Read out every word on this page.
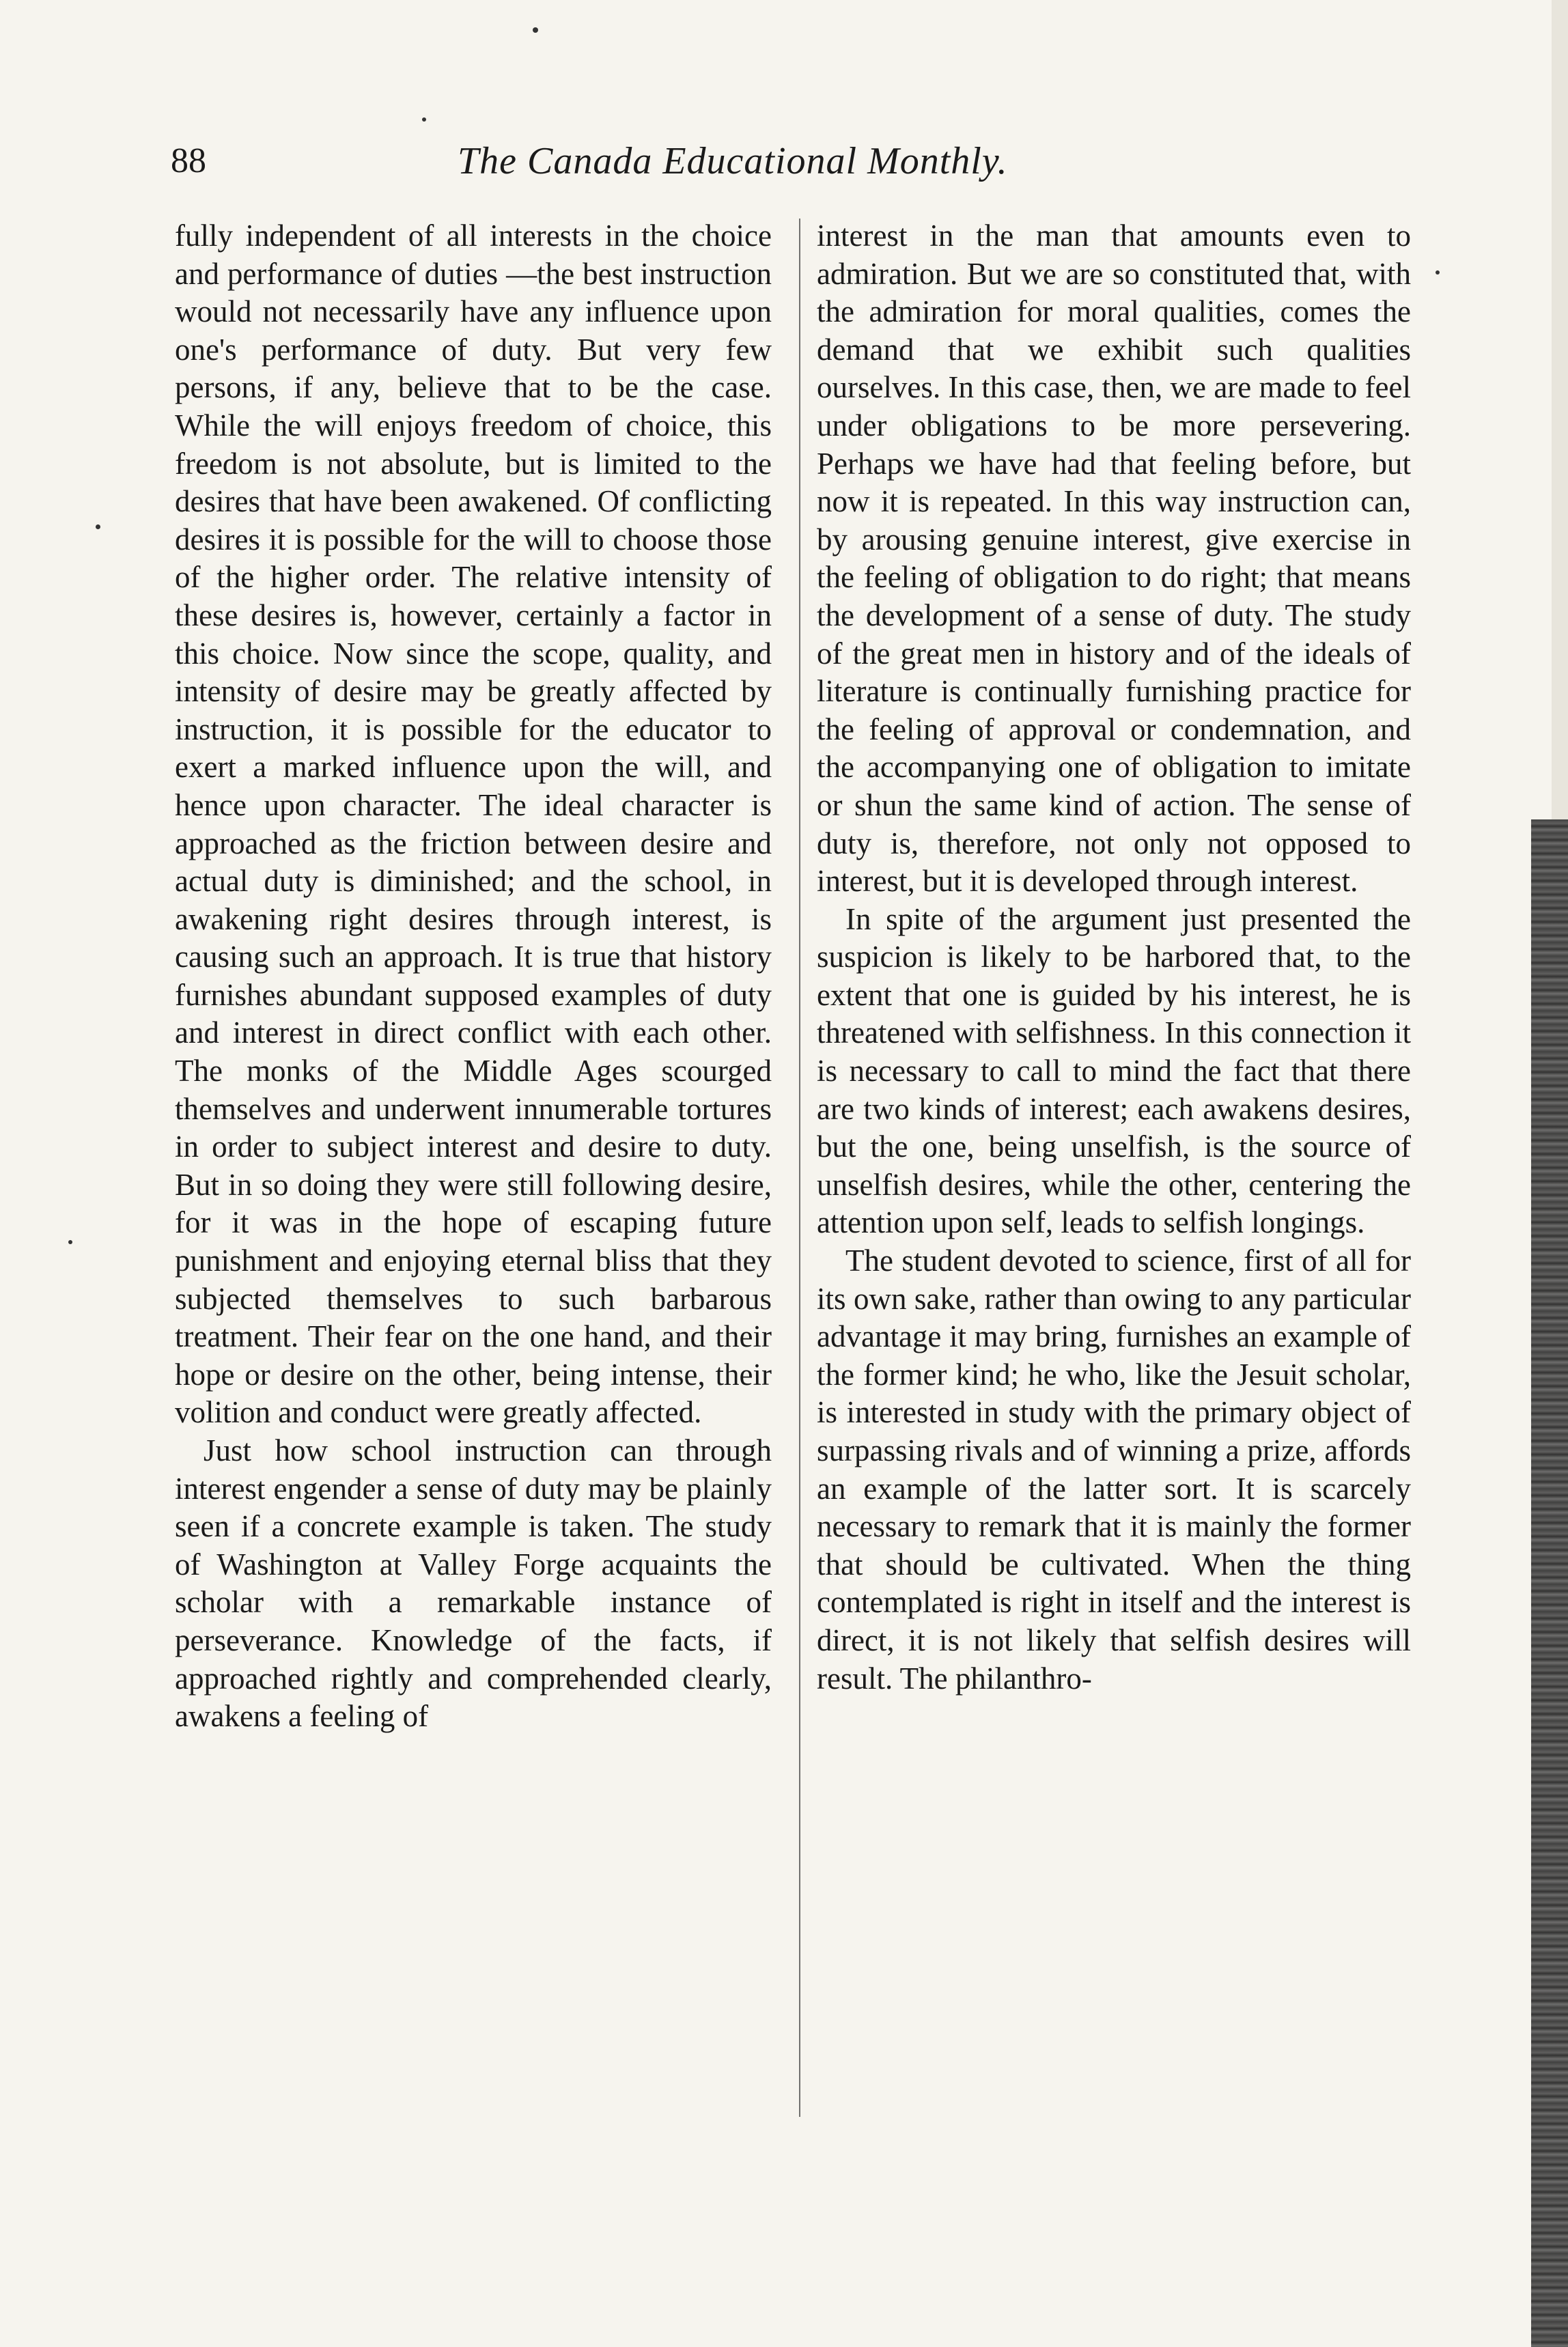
88	The Canada Educational Monthly.

fully independent of all interests in the choice and performance of duties —the best instruction would not necessarily have any influence upon one's performance of duty. But very few persons, if any, believe that to be the case. While the will enjoys freedom of choice, this freedom is not absolute, but is limited to the desires that have been awakened. Of conflicting desires it is possible for the will to choose those of the higher order. The relative intensity of these desires is, however, certainly a factor in this choice. Now since the scope, quality, and intensity of desire may be greatly affected by instruction, it is possible for the educator to exert a marked influence upon the will, and hence upon character. The ideal character is approached as the friction between desire and actual duty is diminished; and the school, in awakening right desires through interest, is causing such an approach. It is true that history furnishes abundant supposed examples of duty and interest in direct conflict with each other. The monks of the Middle Ages scourged themselves and underwent innumerable tortures in order to subject interest and desire to duty. But in so doing they were still following desire, for it was in the hope of escaping future punishment and enjoying eternal bliss that they subjected themselves to such barbarous treatment. Their fear on the one hand, and their hope or desire on the other, being intense, their volition and conduct were greatly affected.

Just how school instruction can through interest engender a sense of duty may be plainly seen if a concrete example is taken. The study of Washington at Valley Forge acquaints the scholar with a remarkable instance of perseverance. Knowledge of the facts, if approached rightly and comprehended clearly, awakens a feeling of

interest in the man that amounts even to admiration. But we are so constituted that, with the admiration for moral qualities, comes the demand that we exhibit such qualities ourselves. In this case, then, we are made to feel under obligations to be more persevering. Perhaps we have had that feeling before, but now it is repeated. In this way instruction can, by arousing genuine interest, give exercise in the feeling of obligation to do right; that means the development of a sense of duty. The study of the great men in history and of the ideals of literature is continually furnishing practice for the feeling of approval or condemnation, and the accompanying one of obligation to imitate or shun the same kind of action. The sense of duty is, therefore, not only not opposed to interest, but it is developed through interest.

In spite of the argument just presented the suspicion is likely to be harbored that, to the extent that one is guided by his interest, he is threatened with selfishness. In this connection it is necessary to call to mind the fact that there are two kinds of interest; each awakens desires, but the one, being unselfish, is the source of unselfish desires, while the other, centering the attention upon self, leads to selfish longings.

The student devoted to science, first of all for its own sake, rather than owing to any particular advantage it may bring, furnishes an example of the former kind; he who, like the Jesuit scholar, is interested in study with the primary object of surpassing rivals and of winning a prize, affords an example of the latter sort. It is scarcely necessary to remark that it is mainly the former that should be cultivated. When the thing contemplated is right in itself and the interest is direct, it is not likely that selfish desires will result. The philanthro-
